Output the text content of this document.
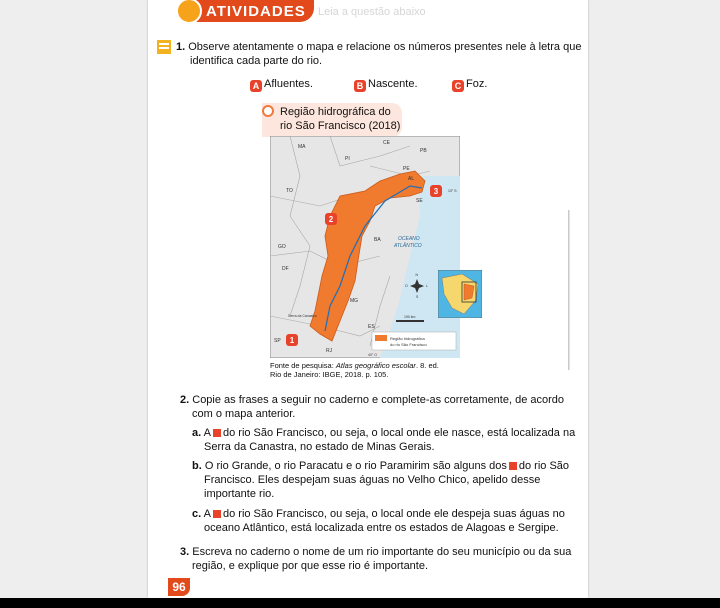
ATIVIDADES Leia a questão abaixo
1. Observe atentamente o mapa e relacione os números presentes nele à letra que
identifica cada parte do rio.
A Afluentes.	B Nascente.	C Foz.
Região hidrográfica do
rio São Francisco (2018)
MA
CE
PI
PB
PE
AL
TO
SE
BA
GO
DF
MG
ES
SP
RJ
OCEANO
ATLÂNTICO
Serra da Canastra
10° S
40° O
3
2
1
N
S
L
O
190 km
Região hidrográfica
do rio São Francisco
Fonte de pesquisa: Atlas geográfico escolar. 8. ed.
Rio de Janeiro: IBGE, 2018. p. 105.
2. Copie as frases a seguir no caderno e complete-as corretamente, de acordo
com o mapa anterior.
a. A do rio São Francisco, ou seja, o local onde ele nasce, está localizada na
Serra da Canastra, no estado de Minas Gerais.
b. O rio Grande, o rio Paracatu e o rio Paramirim são alguns dos do rio São
Francisco. Eles despejam suas águas no Velho Chico, apelido desse
importante rio.
c. A do rio São Francisco, ou seja, o local onde ele despeja suas águas no
oceano Atlântico, está localizada entre os estados de Alagoas e Sergipe.
3. Escreva no caderno o nome de um rio importante do seu município ou da sua
região, e explique por que esse rio é importante.
96
